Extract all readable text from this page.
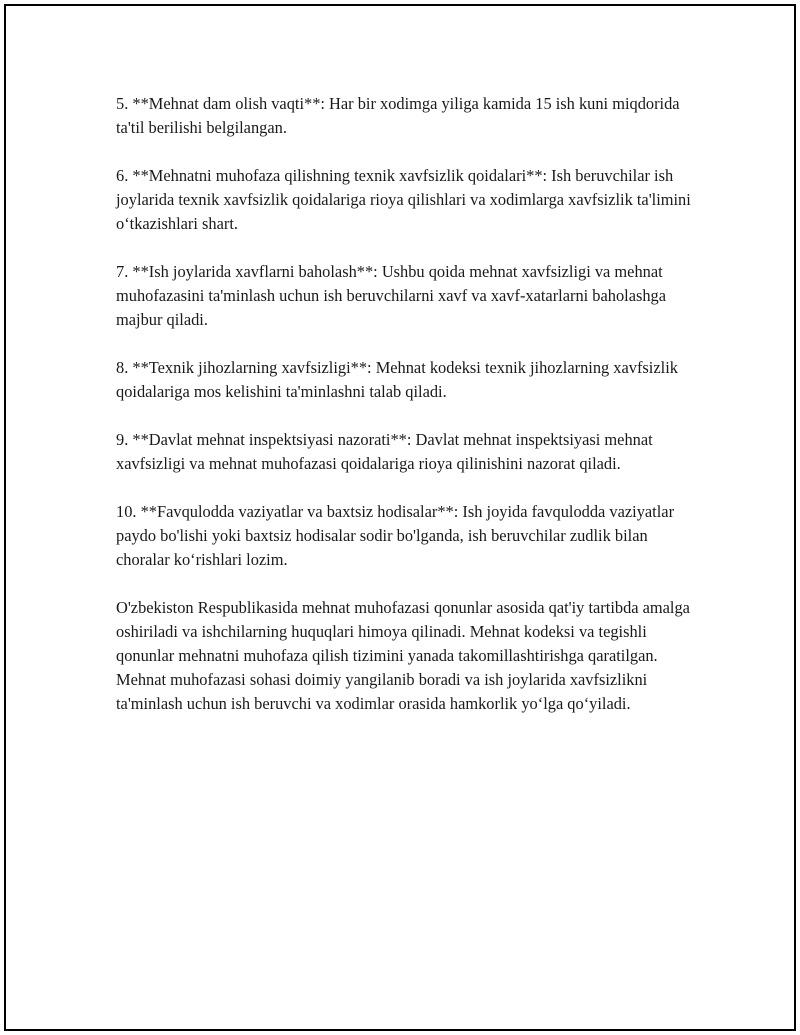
5. **Mehnat dam olish vaqti**: Har bir xodimga yiliga kamida 15 ish kuni miqdorida ta'til berilishi belgilangan.

6. **Mehnatni muhofaza qilishning texnik xavfsizlik qoidalari**: Ish beruvchilar ish joylarida texnik xavfsizlik qoidalariga rioya qilishlari va xodimlarga xavfsizlik ta'limini oʻtkazishlari shart.

7. **Ish joylarida xavflarni baholash**: Ushbu qoida mehnat xavfsizligi va mehnat muhofazasini ta'minlash uchun ish beruvchilarni xavf va xavf-xatarlarni baholashga majbur qiladi.

8. **Texnik jihozlarning xavfsizligi**: Mehnat kodeksi texnik jihozlarning xavfsizlik qoidalariga mos kelishini ta'minlashni talab qiladi.

9. **Davlat mehnat inspektsiyasi nazorati**: Davlat mehnat inspektsiyasi mehnat xavfsizligi va mehnat muhofazasi qoidalariga rioya qilinishini nazorat qiladi.

10. **Favqulodda vaziyatlar va baxtsiz hodisalar**: Ish joyida favqulodda vaziyatlar paydo bo'lishi yoki baxtsiz hodisalar sodir bo'lganda, ish beruvchilar zudlik bilan choralar koʻrishlari lozim.

O'zbekiston Respublikasida mehnat muhofazasi qonunlar asosida qat'iy tartibda amalga oshiriladi va ishchilarning huquqlari himoya qilinadi. Mehnat kodeksi va tegishli qonunlar mehnatni muhofaza qilish tizimini yanada takomillashtirishga qaratilgan. Mehnat muhofazasi sohasi doimiy yangilanib boradi va ish joylarida xavfsizlikni ta'minlash uchun ish beruvchi va xodimlar orasida hamkorlik yoʻlga qoʻyiladi.
